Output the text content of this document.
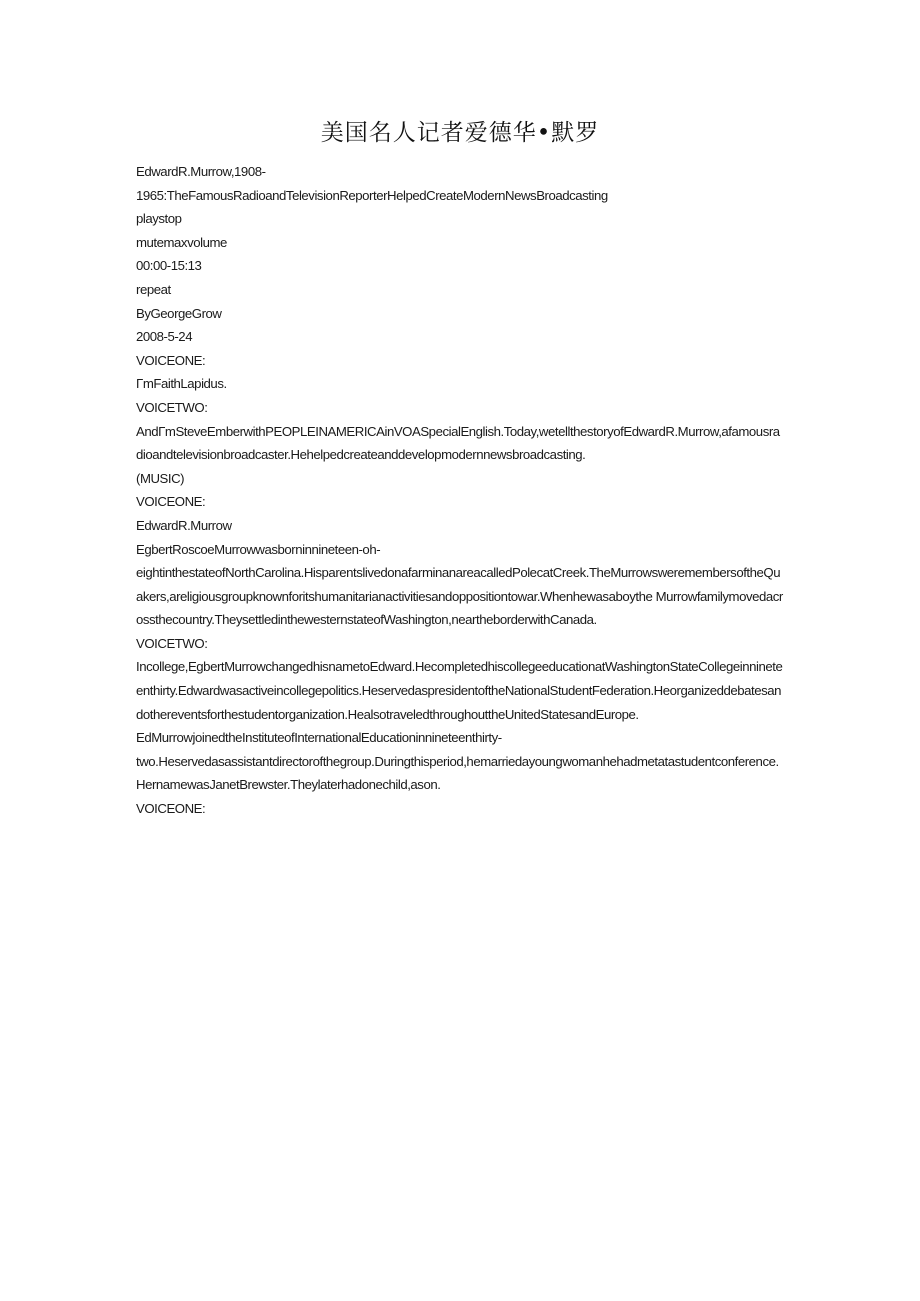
美国名人记者爱德华•默罗
EdwardR.Murrow,1908-
1965:TheFamousRadioandTelevisionReporterHelpedCreateModernNewsBroadcasting
playstop
mutemaxvolume
00:00-15:13
repeat
ByGeorgeGrow
2008-5-24
VOICEONE:
ΓmFaithLapidus.
VOICETWO:
AndΓmSteveEmberwithPEOPLEINAMERICAinVOASpecialEnglish.Today,wetellthestoryofEdwardR.Murrow,afamousradioandtelevisionbroadcaster.Hehelpedcreateanddevelopmodernnewsbroadcasting.
(MUSIC)
VOICEONE:
EdwardR.Murrow
EgbertRoscoeMurrowwasborninnineteen-oh-
eightinthestateofNorthCarolina.HisparentslivedonafarminanareacalledPolecatCreek.TheMurrowsweremembersoftheQuakers,areligiousgroupknownforitshumanitarianactivitiesandoppositiontowar.Whenhewasaboythe Murrowfamilymovedacrossthecountry.TheysettledinthewesternstateofWashington,neartheborderwithCanada.
VOICETWO:
Incollege,EgbertMurrowchangedhisnametoEdward.HecompletedhiscollegeeducationatWashingtonStateCollegeinnineteenthirty.Edwardwasactiveincollegepolitics.HeservedaspresidentoftheNationalStudentFederation.Heorganizeddebatesandothereventsforthestudentorganization.HealsotraveledthroughouttheUnitedStatesandEurope.
EdMurrowjoinedtheInstituteofInternationalEducationinnineteenthirty-
two.Heservedasassistantdirectorofthegroup.Duringthisperiod,hemarriedayoungwomanhehadmetatastudentconference.HernamewasJanetBrewster.Theylaterhadonechild,ason.
VOICEONE:
